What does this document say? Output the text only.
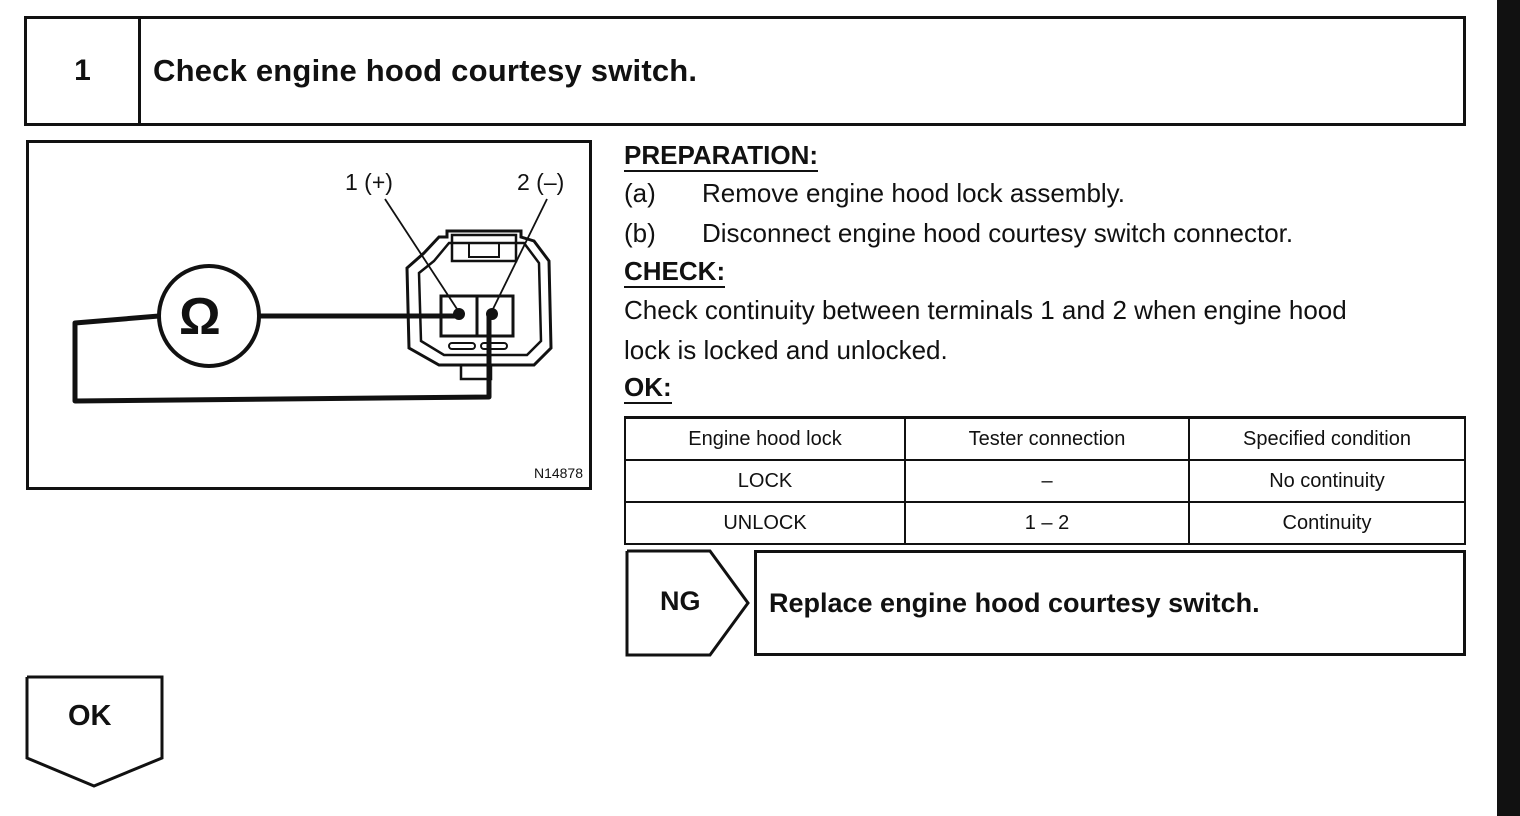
1	Check engine hood courtesy switch.
1 (+)	2 (–)
Ω
N14878
PREPARATION:
(a) Remove engine hood lock assembly.
(b) Disconnect engine hood courtesy switch connector.
CHECK:
Check continuity between terminals 1 and 2 when engine hood
lock is locked and unlocked.
OK:
Engine hood lock	Tester connection	Specified condition
LOCK	–	No continuity
UNLOCK	1 – 2	Continuity
NG	Replace engine hood courtesy switch.
OK
